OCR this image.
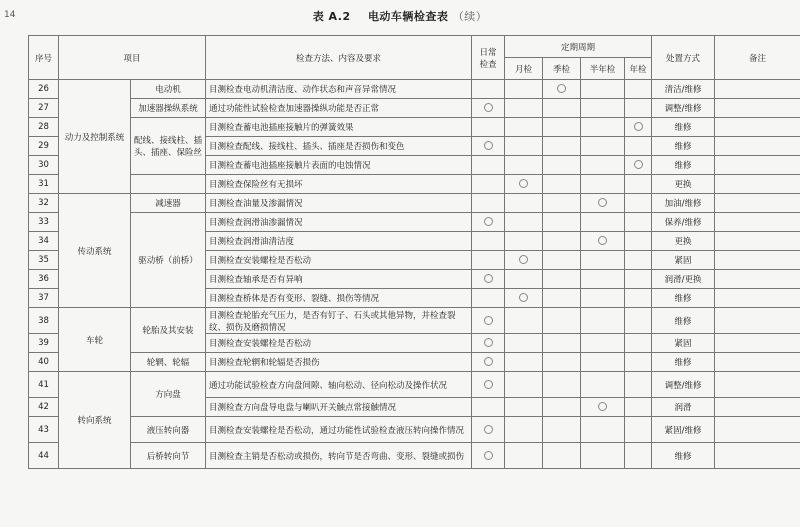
14	表 A.2 电动车辆检查表 （续）
序号	项目		检查方法、内容及要求	日常
检查	定期周期				处置方式	备注
					月检	季检	半年检	年检		
26	动力及控制系统	电动机	目测检查电动机清洁度、动作状态和声音异常情况						清洁/维修	
27		加速器操纵系统	通过功能性试验检查加速器操纵功能是否正常						调整/维修	
28		配线、接线柱、插头、插座、保险丝	目测检查蓄电池插座接触片的弹簧效果						维修	
29			目测检查配线、接线柱、插头、插座是否损伤和变色						维修	
30			目测检查蓄电池插座接触片表面的电蚀情况						维修	
31			目测检查保险丝有无损坏						更换	
32	传动系统	减速器	目测检查油量及渗漏情况						加油/维修	
33		驱动桥（前桥）	目测检查润滑油渗漏情况						保养/维修	
34			目测检查润滑油清洁度						更换	
35			目测检查安装螺栓是否松动						紧固	
36			目测检查轴承是否有异响						润滑/更换	
37			目测检查桥体是否有变形、裂缝、损伤等情况						维修	
38	车轮	轮胎及其安装	目测检查轮胎充气压力，是否有钉子、石头或其他异物，并检查裂纹、损伤及磨损情况						维修	
39			目测检查安装螺栓是否松动						紧固	
40		轮辋、轮辐	目测检查轮辋和轮辐是否损伤						维修	
41	转向系统	方向盘	通过功能试验检查方向盘间隙、轴向松动、径向松动及操作状况						调整/维修	
42			目测检查方向盘导电盘与喇叭开关触点常接触情况						润滑	
43		液压转向器	目测检查安装螺栓是否松动，通过功能性试验检查液压转向操作情况						紧固/维修	
44		后桥转向节	目测检查主销是否松动或损伤，转向节是否弯曲、变形、裂缝或损伤						维修	
